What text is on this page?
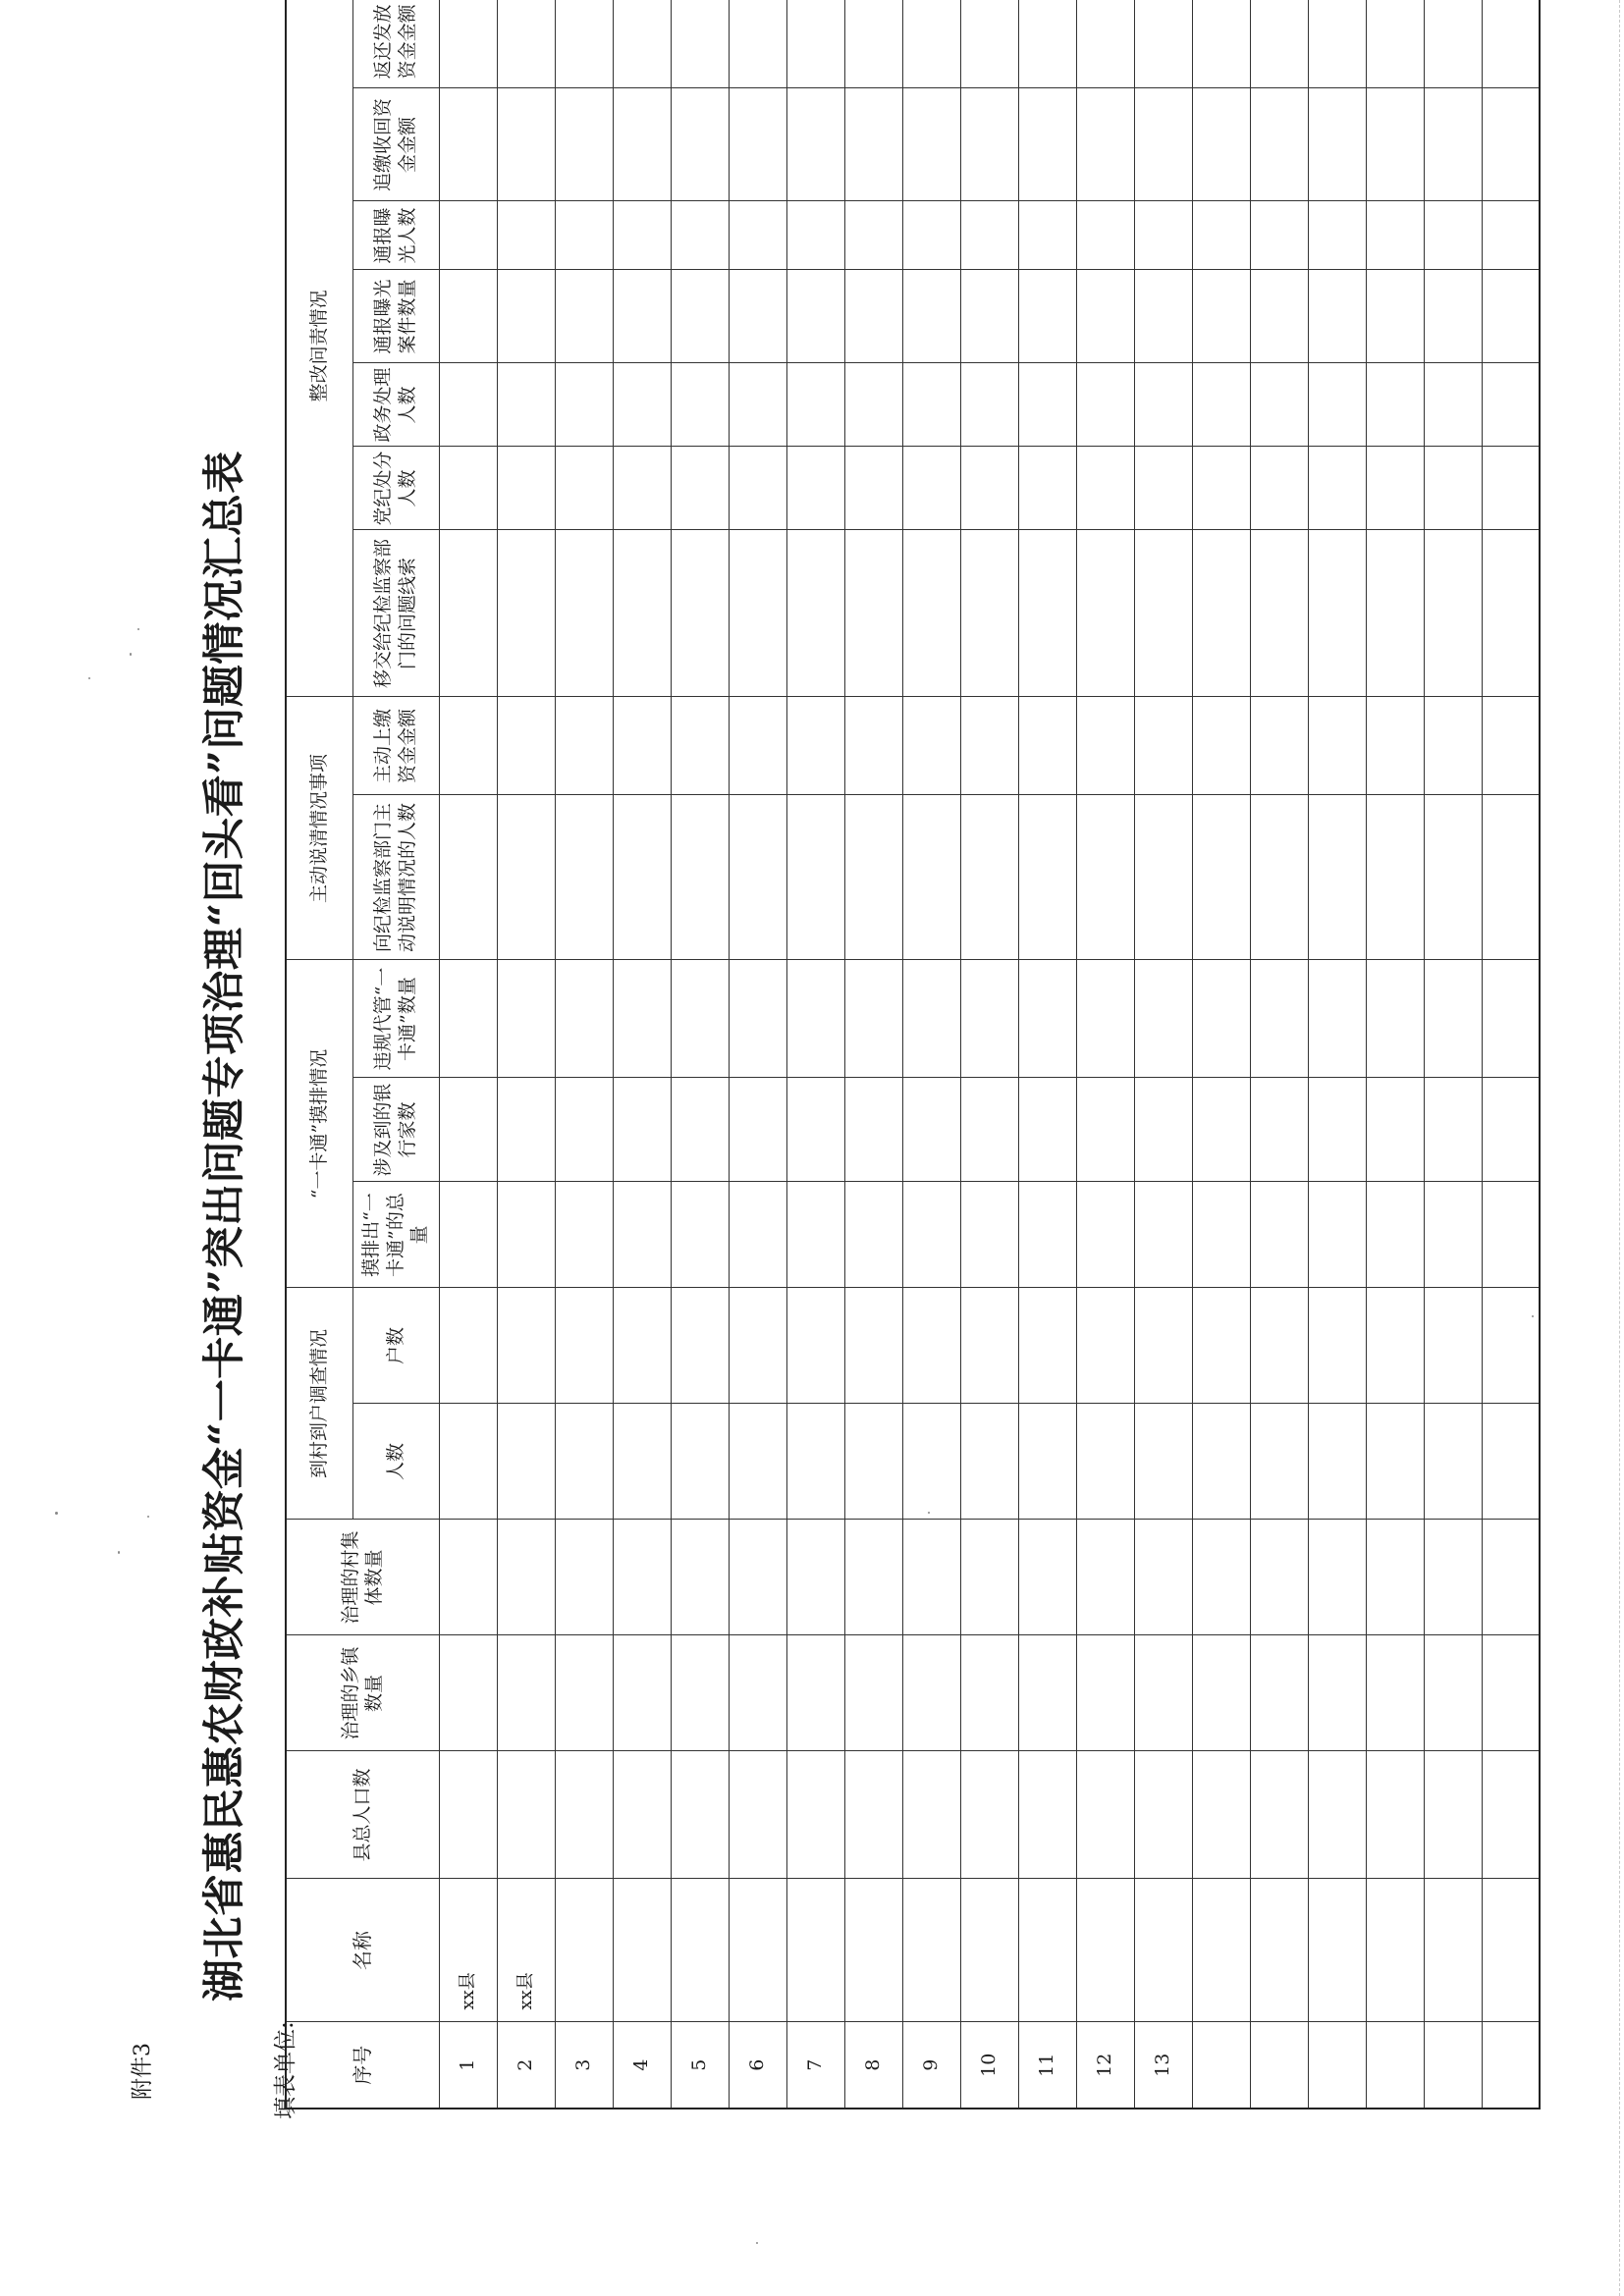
附件3
湖北省惠民惠农财政补贴资金“一卡通”突出问题专项治理“回头看”问题情况汇总表
填表单位:	序号	名称	县总人口数	治理的乡镇数量	治理的村集体数量	到村到户调查情况		“一卡通”摸排情况			主动说清情况事项		整改问责情况	
					人数	户数	摸排出“一卡通”的总量	涉及到的银行家数	违规代管“一卡通”数量	向纪检监察部门主动说明情况的人数	主动上缴资金金额	移交给纪检监察部门的问题线索	党纪处分人数	政务处理人数	通报曝光案件数量	通报曝光人数	追缴收回资金金额	返还发放资金金额	
1	xx县																		
2	xx县																		
3																			
4																			
5																			
6																			
7																			
8																			
9																			
10																			
11																			
12																			
13																			
